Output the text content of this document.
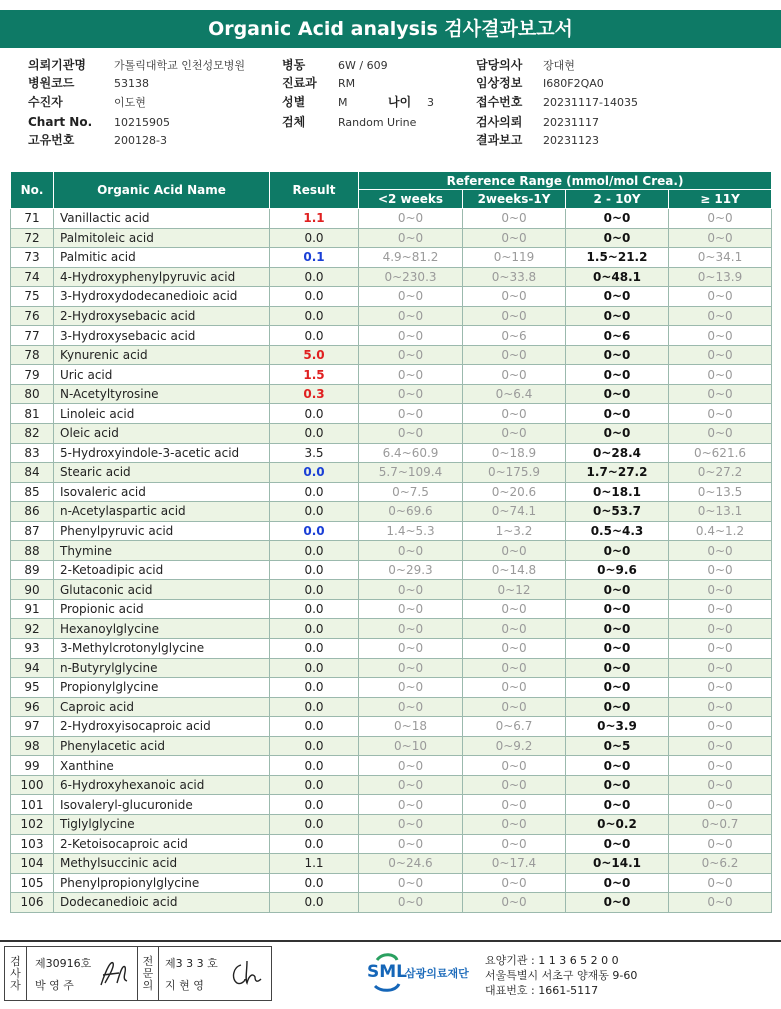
Organic Acid analysis 검사결과보고서
의뢰기관명	가톨릭대학교 인천성모병원	병동	6W / 609	담당의사 장대현
병원코드	53138	진료과 RM	임상정보 I680F2QA0
수진자	이도현	성별	M	나이 3	접수번호 20231117-14035
Chart No. 10215905	검체	Random Urine	검사의뢰 20231117
고유번호	200128-3	결과보고 20231123
No.	Organic Acid Name	Result	Reference Range (mmol/mol Crea.)			
			<2 weeks	2weeks-1Y	2 - 10Y	≥ 11Y
71	Vanillactic acid	1.1	0~0	0~0	0~0	0~0
72	Palmitoleic acid	0.0	0~0	0~0	0~0	0~0
73	Palmitic acid	0.1	4.9~81.2	0~119	1.5~21.2	0~34.1
74	4-Hydroxyphenylpyruvic acid	0.0	0~230.3	0~33.8	0~48.1	0~13.9
75	3-Hydroxydodecanedioic acid	0.0	0~0	0~0	0~0	0~0
76	2-Hydroxysebacic acid	0.0	0~0	0~0	0~0	0~0
77	3-Hydroxysebacic acid	0.0	0~0	0~6	0~6	0~0
78	Kynurenic acid	5.0	0~0	0~0	0~0	0~0
79	Uric acid	1.5	0~0	0~0	0~0	0~0
80	N-Acetyltyrosine	0.3	0~0	0~6.4	0~0	0~0
81	Linoleic acid	0.0	0~0	0~0	0~0	0~0
82	Oleic acid	0.0	0~0	0~0	0~0	0~0
83	5-Hydroxyindole-3-acetic acid	3.5	6.4~60.9	0~18.9	0~28.4	0~621.6
84	Stearic acid	0.0	5.7~109.4	0~175.9	1.7~27.2	0~27.2
85	Isovaleric acid	0.0	0~7.5	0~20.6	0~18.1	0~13.5
86	n-Acetylaspartic acid	0.0	0~69.6	0~74.1	0~53.7	0~13.1
87	Phenylpyruvic acid	0.0	1.4~5.3	1~3.2	0.5~4.3	0.4~1.2
88	Thymine	0.0	0~0	0~0	0~0	0~0
89	2-Ketoadipic acid	0.0	0~29.3	0~14.8	0~9.6	0~0
90	Glutaconic acid	0.0	0~0	0~12	0~0	0~0
91	Propionic acid	0.0	0~0	0~0	0~0	0~0
92	Hexanoylglycine	0.0	0~0	0~0	0~0	0~0
93	3-Methylcrotonylglycine	0.0	0~0	0~0	0~0	0~0
94	n-Butyrylglycine	0.0	0~0	0~0	0~0	0~0
95	Propionylglycine	0.0	0~0	0~0	0~0	0~0
96	Caproic acid	0.0	0~0	0~0	0~0	0~0
97	2-Hydroxyisocaproic acid	0.0	0~18	0~6.7	0~3.9	0~0
98	Phenylacetic acid	0.0	0~10	0~9.2	0~5	0~0
99	Xanthine	0.0	0~0	0~0	0~0	0~0
100	6-Hydroxyhexanoic acid	0.0	0~0	0~0	0~0	0~0
101	Isovaleryl-glucuronide	0.0	0~0	0~0	0~0	0~0
102	Tiglylglycine	0.0	0~0	0~0	0~0.2	0~0.7
103	2-Ketoisocaproic acid	0.0	0~0	0~0	0~0	0~0
104	Methylsuccinic acid	1.1	0~24.6	0~17.4	0~14.1	0~6.2
105	Phenylpropionylglycine	0.0	0~0	0~0	0~0	0~0
106	Dodecanedioic acid	0.0	0~0	0~0	0~0	0~0
검
사
자
제30916호
박 영 주
전
문
의
제3 3 3 호
지 현 영
SML
삼광의료재단
요양기관 : 1 1 3 6 5 2 0 0
서울특별시 서초구 양재동 9-60
대표번호 : 1661-5117
